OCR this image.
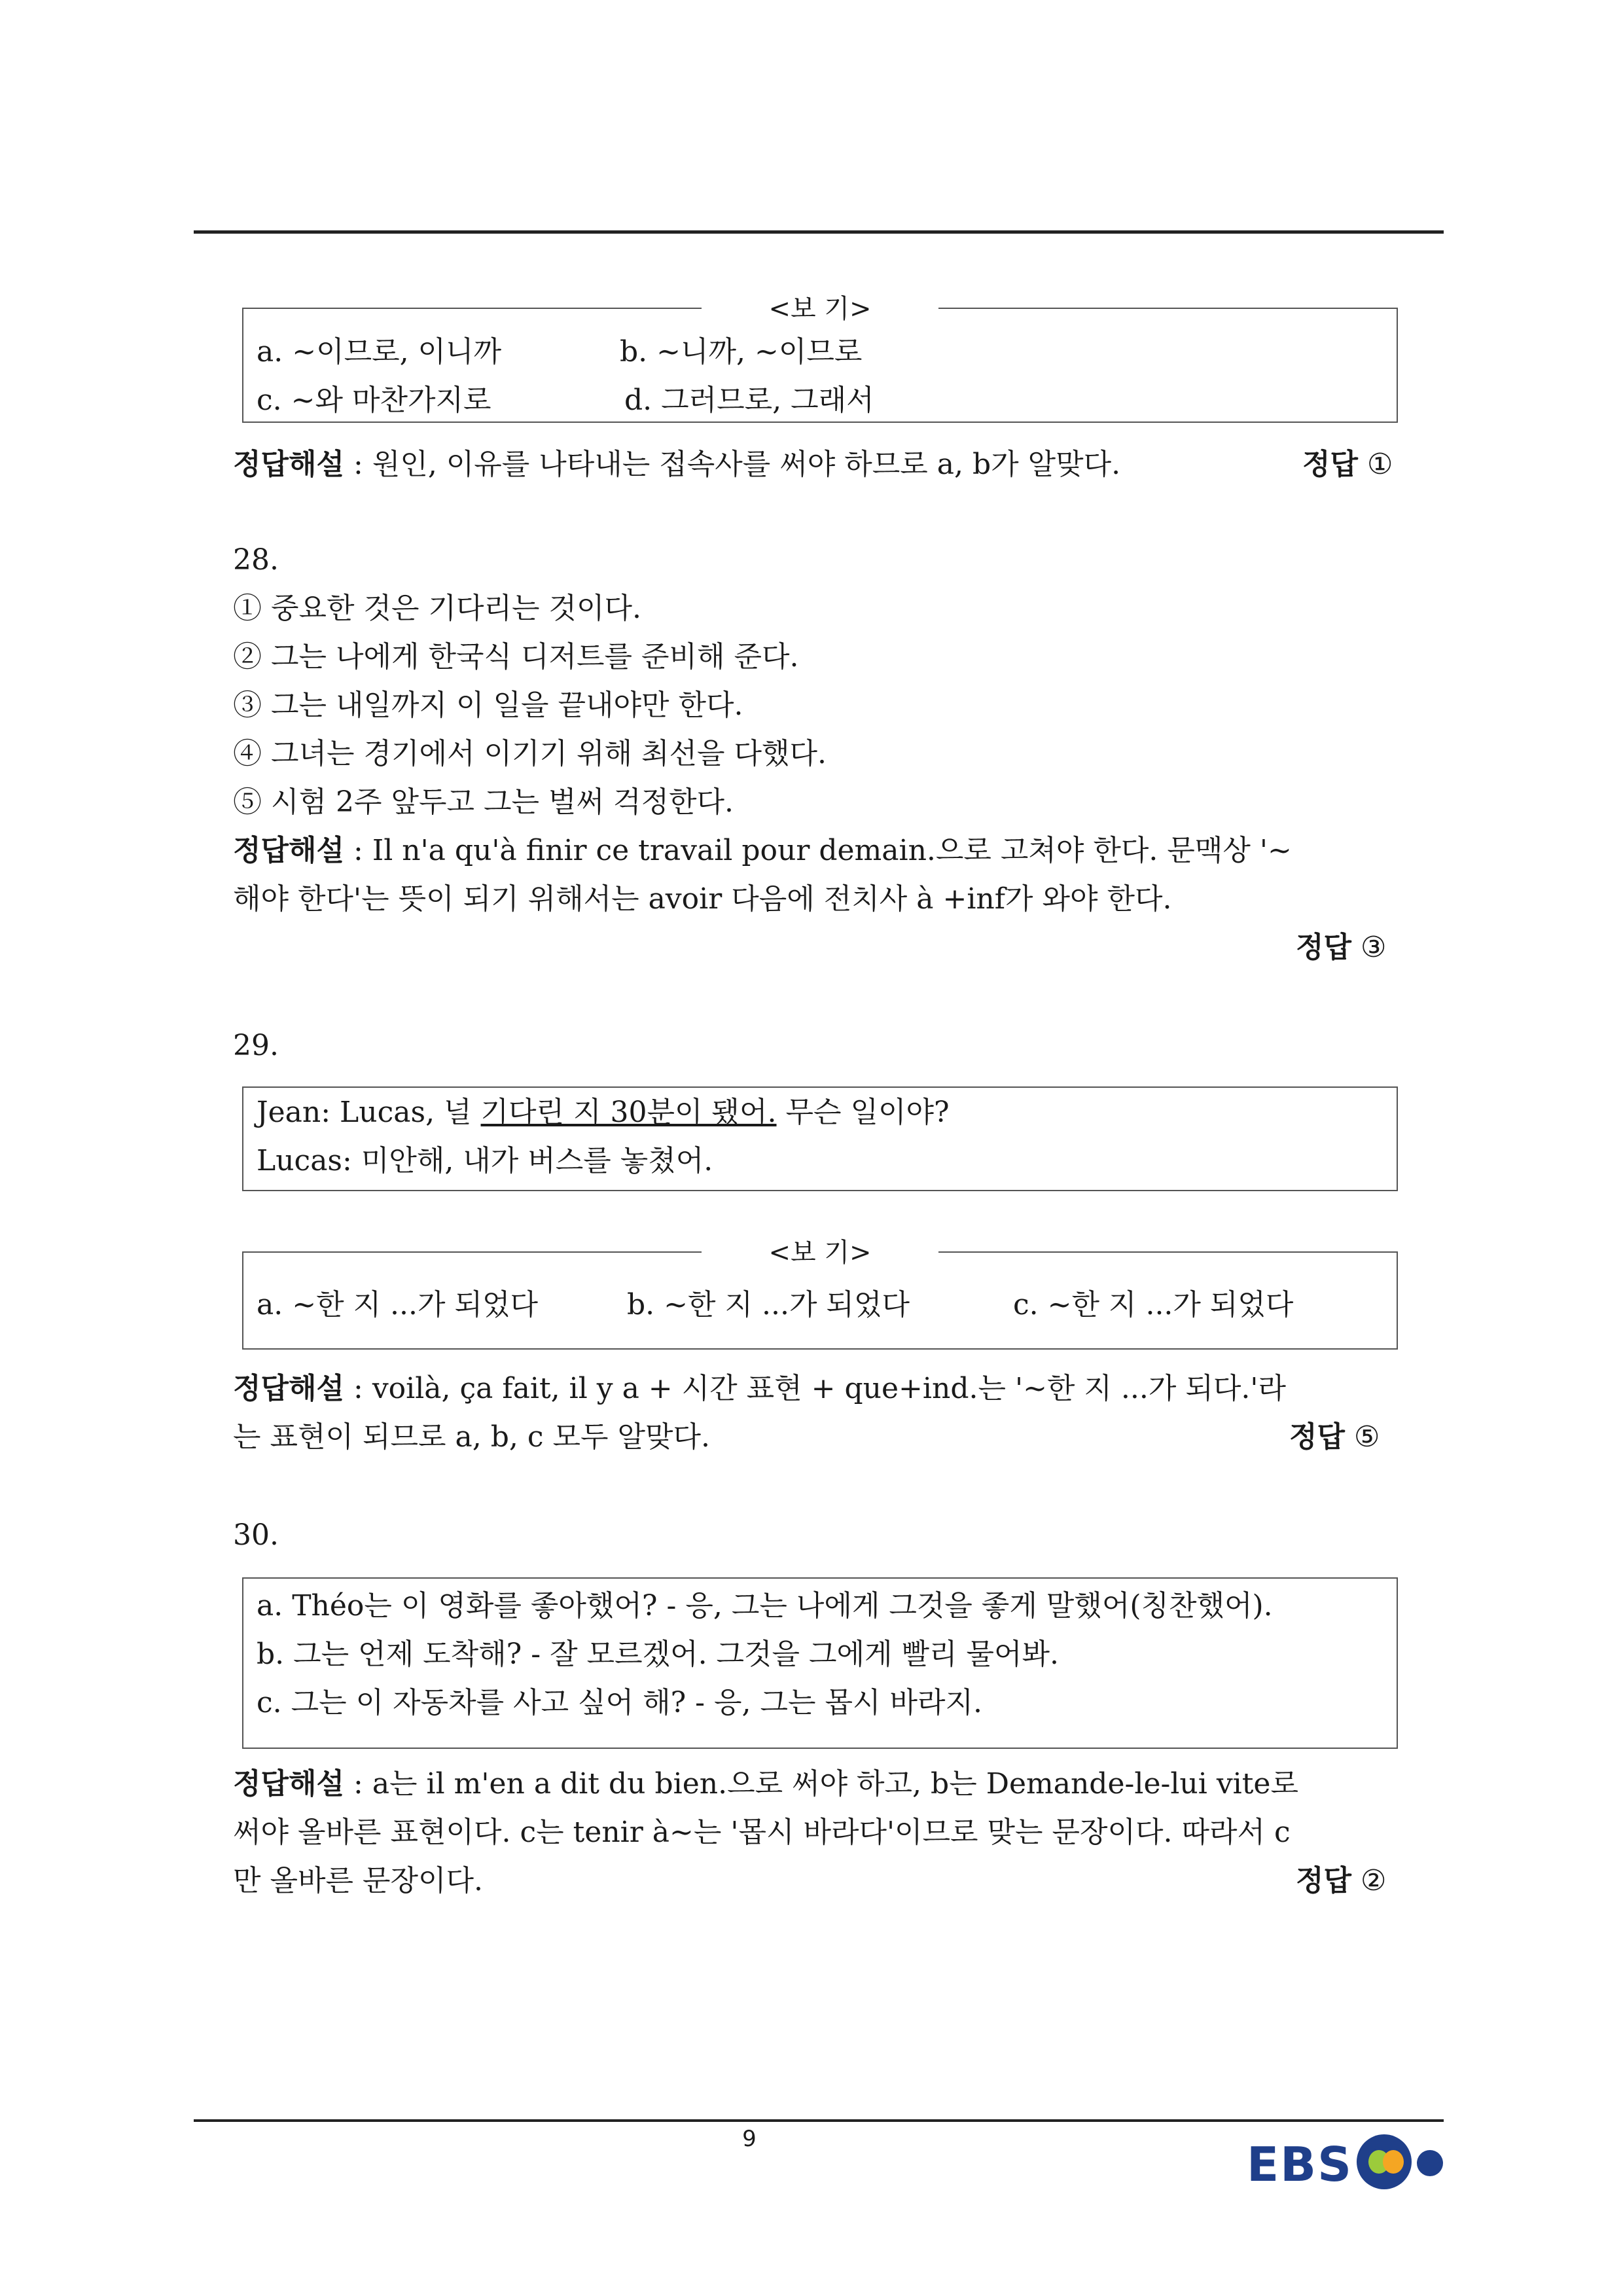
<보 기>
a. ~이므로, 이니까	b. ~니까, ~이므로
c. ~와 마찬가지로	d. 그러므로, 그래서
정답해설 : 원인, 이유를 나타내는 접속사를 써야 하므로 a, b가 알맞다.	정답 ①
28.
① 중요한 것은 기다리는 것이다.
② 그는 나에게 한국식 디저트를 준비해 준다.
③ 그는 내일까지 이 일을 끝내야만 한다.
④ 그녀는 경기에서 이기기 위해 최선을 다했다.
⑤ 시험 2주 앞두고 그는 벌써 걱정한다.
정답해설 : Il n'a qu'à finir ce travail pour demain.으로 고쳐야 한다. 문맥상 '~
해야 한다'는 뜻이 되기 위해서는 avoir 다음에 전치사 à +inf가 와야 한다.
정답 ③
29.
Jean: Lucas, 널 기다린 지 30분이 됐어. 무슨 일이야?
Lucas: 미안해, 내가 버스를 놓쳤어.
<보 기>
a. ~한 지 ...가 되었다	b. ~한 지 ...가 되었다	c. ~한 지 ...가 되었다
정답해설 : voilà, ça fait, il y a + 시간 표현 + que+ind.는 '~한 지 ...가 되다.'라
는 표현이 되므로 a, b, c 모두 알맞다.	정답 ⑤
30.
a. Théo는 이 영화를 좋아했어? - 응, 그는 나에게 그것을 좋게 말했어(칭찬했어).
b. 그는 언제 도착해? - 잘 모르겠어. 그것을 그에게 빨리 물어봐.
c. 그는 이 자동차를 사고 싶어 해? - 응, 그는 몹시 바라지.
정답해설 : a는 il m'en a dit du bien.으로 써야 하고, b는 Demande-le-lui vite로
써야 올바른 표현이다. c는 tenir à~는 '몹시 바라다'이므로 맞는 문장이다. 따라서 c
만 올바른 문장이다.	정답 ②
9	EBS
